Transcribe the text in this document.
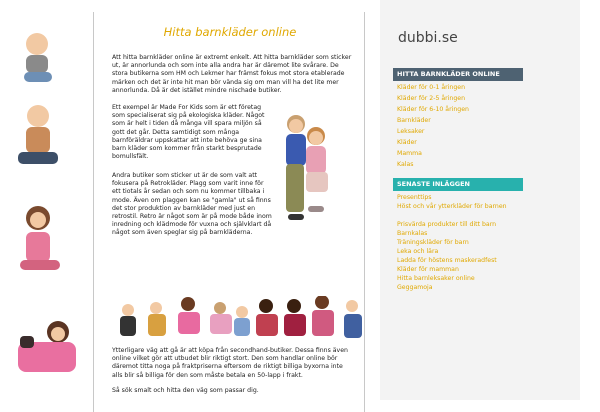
Hitta barnkläder online

Att hitta barnkläder online är extremt enkelt. Att hitta barnkläder som sticker ut, är annorlunda och som inte alla andra har är däremot lite svårare. De stora butikerna som HM och Lekmer har främst fokus mot stora etablerade märken och det är inte hit man bör vända sig om man vill ha det lite mer annorlunda. Då är det istället mindre nischade butiker.

Ett exempel är Made For Kids som är ett företag som specialiserat sig på ekologiska kläder. Något som är helt i tiden då många vill spara miljön så gott det går. Detta samtidigt som många barnföräldrar uppskattar att inte behöva ge sina barn kläder som kommer från starkt besprutade bomullsfält.

Andra butiker som sticker ut är de som valt att fokusera på Retrokläder. Plagg som varit inne för ett tiotals år sedan och som nu kommer tillbaka i mode. Även om plaggen kan se "gamla" ut så finns det stor produktion av barnkläder med just en retrostil. Retro är något som är på mode både inom inredning och klädmode för vuxna och självklart då något som även speglar sig på barnkläderna.

Ytterligare väg att gå är att köpa från secondhand-butiker. Dessa finns även online vilket gör att utbudet blir riktigt stort. Den som handlar online bör däremot titta noga på fraktpriserna eftersom de riktigt billiga byxorna inte alls blir så billiga för den som måste betala en 50-lapp i frakt.

Så sök smalt och hitta den väg som passar dig.

dubbi.se
HITTA BARNKLÄDER ONLINE
Kläder för 0-1 åringen
Kläder för 2-5 åringen
Kläder för 6-10 åringen
Barnkläder
Leksaker
Kläder
Mamma
Kalas
SENASTE INLÄGGEN
Presenttips
Höst och vår ytterkläder för barnen
Prisvärda produkter till ditt barn
Barnkalas
Träningskläder för barn
Leka och lära
Ladda för höstens maskeradfest
Kläder för mamman
Hitta barnleksaker online
Geggamoja
